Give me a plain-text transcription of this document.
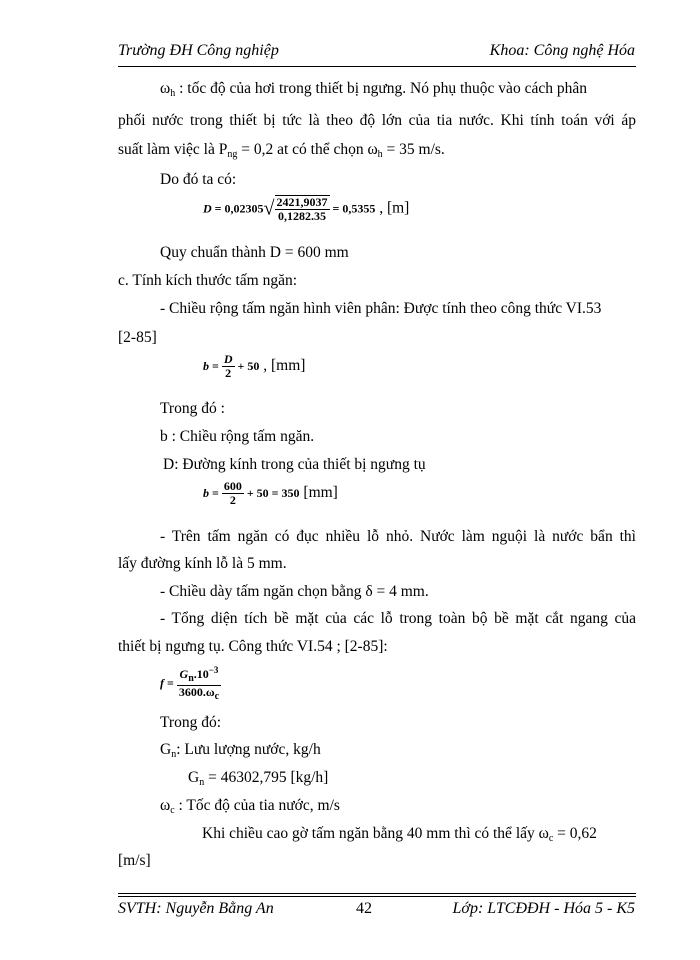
Trường ĐH Công nghiệp	Khoa: Công nghệ Hóa
$\omega_h$ : tốc độ của hơi trong thiết bị ngưng. Nó phụ thuộc vào cách phân
phối nước trong thiết bị tức là theo độ lớn của tia nước. Khi tính toán với áp
suất làm việc là $P_{ng} = 0,2$ at có thể chọn $\omega_h = 35$ m/s.
Do đó ta có:
$D = 0,02305√ \frac{2421,9037}{0,1282.35} = 0,5355$ , [m]
Quy chuẩn thành D = 600 mm
c. Tính kích thước tấm ngăn:
- Chiều rộng tấm ngăn hình viên phân: Được tính theo công thức VI.53
[2-85]
$b = \frac{D}{2} + 50$ , [mm]
Trong đó :
b : Chiều rộng tấm ngăn.
D: Đường kính trong của thiết bị ngưng tụ
$b = \frac{600}{2} + 50 = 350$ [mm]
- Trên tấm ngăn có đục nhiều lỗ nhỏ. Nước làm nguội là nước bẩn thì
lấy đường kính lỗ là 5 mm.
- Chiều dày tấm ngăn chọn bằng δ = 4 mm.
- Tổng diện tích bề mặt của các lỗ trong toàn bộ bề mặt cắt ngang của
thiết bị ngưng tụ. Công thức VI.54 ; [2-85]:
$f = \frac{G_n.10^{-3}}{3600.\omega_c}$
Trong đó:
$G_n$: Lưu lượng nước, kg/h
$G_n = 46302,795$ [kg/h]
$\omega_c$ : Tốc độ của tia nước, m/s
Khi chiều cao gờ tấm ngăn bằng 40 mm thì có thể lấy $\omega_c = 0,62$
[m/s]
SVTH: Nguyễn Bằng An	42	Lớp: LTCĐĐH - Hóa 5 - K5
